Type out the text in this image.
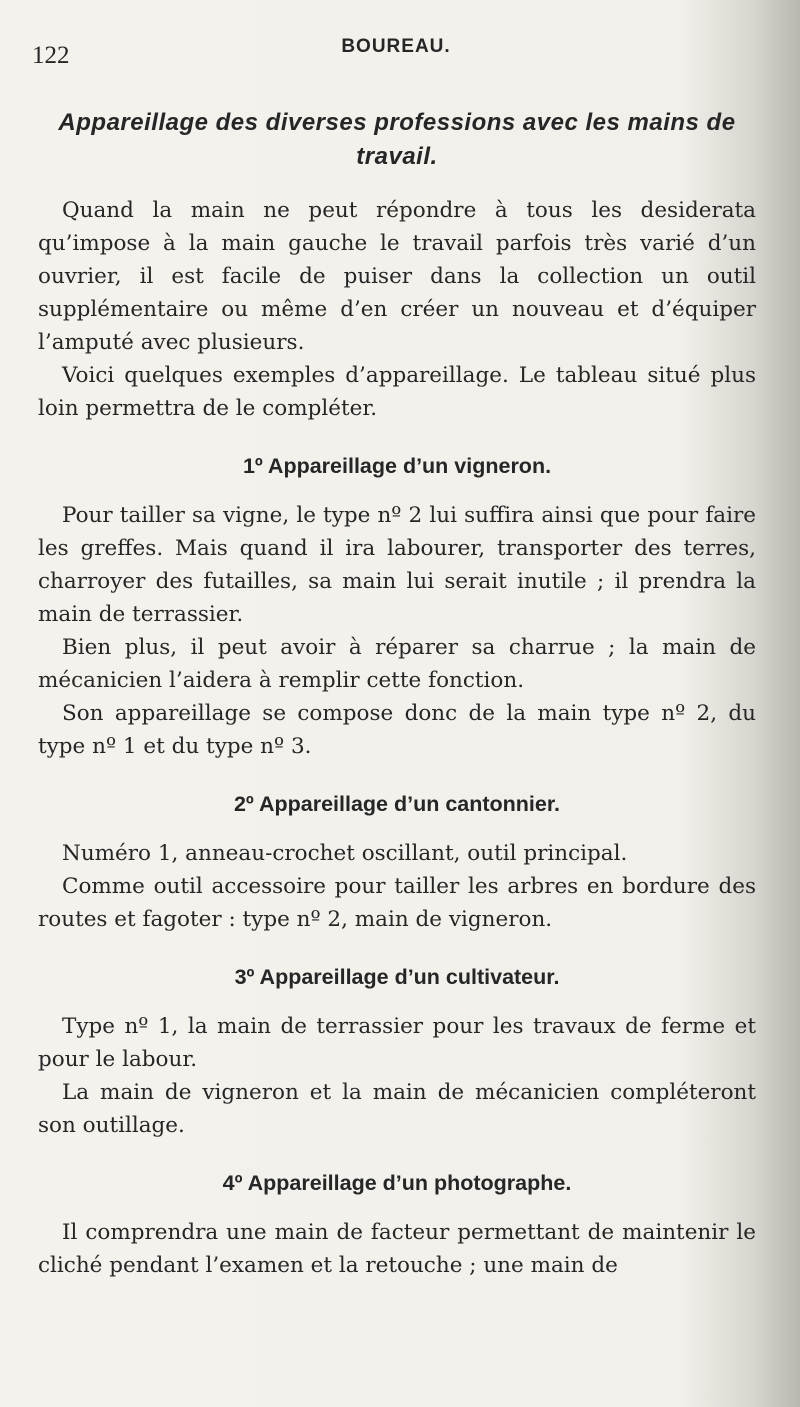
122	BOUREAU.
Appareillage des diverses professions avec les mains de travail.

Quand la main ne peut répondre à tous les desiderata qu’impose à la main gauche le travail parfois très varié d’un ouvrier, il est facile de puiser dans la collection un outil supplémentaire ou même d’en créer un nouveau et d’équiper l’amputé avec plusieurs.

Voici quelques exemples d’appareillage. Le tableau situé plus loin permettra de le compléter.

1º Appareillage d’un vigneron.

Pour tailler sa vigne, le type nº 2 lui suffira ainsi que pour faire les greffes. Mais quand il ira labourer, transporter des terres, charroyer des futailles, sa main lui serait inutile ; il prendra la main de terrassier.

Bien plus, il peut avoir à réparer sa charrue ; la main de mécanicien l’aidera à remplir cette fonction.

Son appareillage se compose donc de la main type nº 2, du type nº 1 et du type nº 3.

2º Appareillage d’un cantonnier.

Numéro 1, anneau-crochet oscillant, outil principal.

Comme outil accessoire pour tailler les arbres en bordure des routes et fagoter : type nº 2, main de vigneron.

3º Appareillage d’un cultivateur.

Type nº 1, la main de terrassier pour les travaux de ferme et pour le labour.

La main de vigneron et la main de mécanicien compléteront son outillage.

4º Appareillage d’un photographe.

Il comprendra une main de facteur permettant de maintenir le cliché pendant l’examen et la retouche ; une main de
